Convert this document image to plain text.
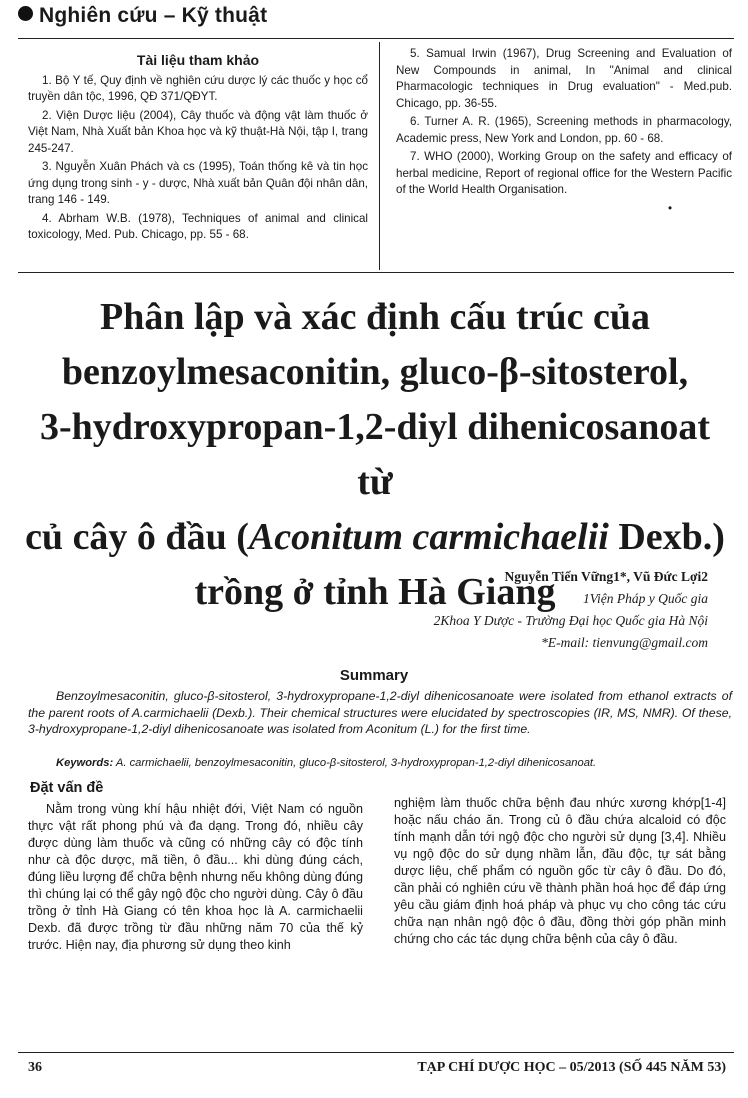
Nghiên cứu – Kỹ thuật
Tài liệu tham khảo

1. Bộ Y tế, Quy định về nghiên cứu dược lý các thuốc y học cổ truyền dân tộc, 1996, QĐ 371/QĐYT.

2. Viện Dược liệu (2004), Cây thuốc và động vật làm thuốc ở Việt Nam, Nhà Xuất bản Khoa học và kỹ thuật-Hà Nội, tập I, trang 245-247.

3. Nguyễn Xuân Phách và cs (1995), Toán thống kê và tin học ứng dụng trong sinh - y - dược, Nhà xuất bản Quân đội nhân dân, trang 146 - 149.

4. Abrham W.B. (1978), Techniques of animal and clinical toxicology, Med. Pub. Chicago, pp. 55 - 68.

5. Samual Irwin (1967), Drug Screening and Evaluation of New Compounds in animal, In "Animal and clinical Pharmacologic techniques in Drug evaluation" - Med.pub. Chicago, pp. 36-55.

6. Turner A. R. (1965), Screening methods in pharmacology, Academic press, New York and London, pp. 60 - 68.

7. WHO (2000), Working Group on the safety and efficacy of herbal medicine, Report of regional office for the Western Pacific of the World Health Organisation.

•

Phân lập và xác định cấu trúc của
benzoylmesaconitin, gluco-β-sitosterol,
3-hydroxypropan-1,2-diyl dihenicosanoat từ
củ cây ô đầu (Aconitum carmichaelii Dexb.)
trồng ở tỉnh Hà Giang
Nguyễn Tiến Vững1*, Vũ Đức Lợi2
1Viện Pháp y Quốc gia
2Khoa Y Dược - Trường Đại học Quốc gia Hà Nội
*E-mail: tienvung@gmail.com
Summary
Benzoylmesaconitin, gluco-β-sitosterol, 3-hydroxypropane-1,2-diyl dihenicosanoate were isolated from ethanol extracts of the parent roots of A.carmichaelii (Dexb.). Their chemical structures were elucidated by spectroscopies (IR, MS, NMR). Of these, 3-hydroxypropane-1,2-diyl dihenicosanoate was isolated from Aconitum (L.) for the first time.
Keywords: A. carmichaelii, benzoylmesaconitin, gluco-β-sitosterol, 3-hydroxypropan-1,2-diyl dihenicosanoat.
Đặt vấn đề

Nằm trong vùng khí hậu nhiệt đới, Việt Nam có nguồn thực vật rất phong phú và đa dạng. Trong đó, nhiều cây được dùng làm thuốc và cũng có những cây có độc tính như cà độc dược, mã tiền, ô đầu... khi dùng đúng cách, đúng liều lượng để chữa bệnh nhưng nếu không dùng đúng thì chúng lại có thể gây ngộ độc cho người dùng. Cây ô đầu trồng ở tỉnh Hà Giang có tên khoa học là A. carmichaelii Dexb. đã được trồng từ đầu những năm 70 của thế kỷ trước. Hiện nay, địa phương sử dụng theo kinh

nghiệm làm thuốc chữa bệnh đau nhức xương khớp[1-4] hoặc nấu cháo ăn. Trong củ ô đầu chứa alcaloid có độc tính mạnh dẫn tới ngộ độc cho người sử dụng [3,4]. Nhiều vụ ngộ độc do sử dụng nhầm lẫn, đầu độc, tự sát bằng dược liệu, chế phẩm có nguồn gốc từ cây ô đầu. Do đó, cần phải có nghiên cứu về thành phần hoá học để đáp ứng yêu cầu giám định hoá pháp và phục vụ cho công tác cứu chữa nạn nhân ngộ độc ô đầu, đồng thời góp phần minh chứng cho các tác dụng chữa bệnh của cây ô đầu.

36	TẠP CHÍ DƯỢC HỌC – 05/2013 (SỐ 445 NĂM 53)
